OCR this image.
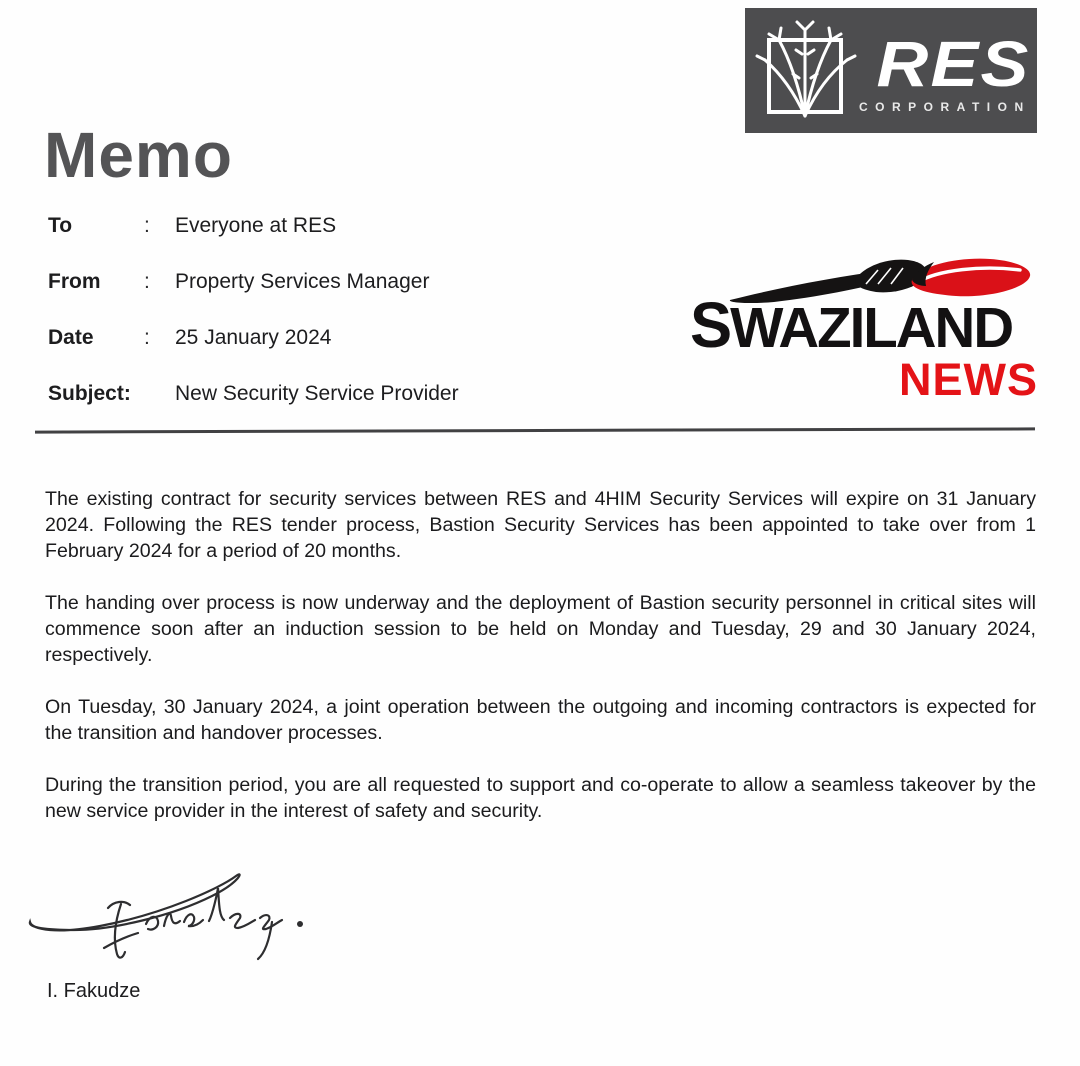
RES
CORPORATION
Memo
To	:	Everyone at RES
From	:	Property Services Manager
Date	:	25 January 2024
Subject:	New Security Service Provider
SWAZILAND
NEWS

The existing contract for security services between RES and 4HIM Security Services will expire on 31 January 2024. Following the RES tender process, Bastion Security Services has been appointed to take over from 1 February 2024 for a period of 20 months.

The handing over process is now underway and the deployment of Bastion security personnel in critical sites will commence soon after an induction session to be held on Monday and Tuesday, 29 and 30 January 2024, respectively.

On Tuesday, 30 January 2024, a joint operation between the outgoing and incoming contractors is expected for the transition and handover processes.

During the transition period, you are all requested to support and co-operate to allow a seamless takeover by the new service provider in the interest of safety and security.

I. Fakudze
